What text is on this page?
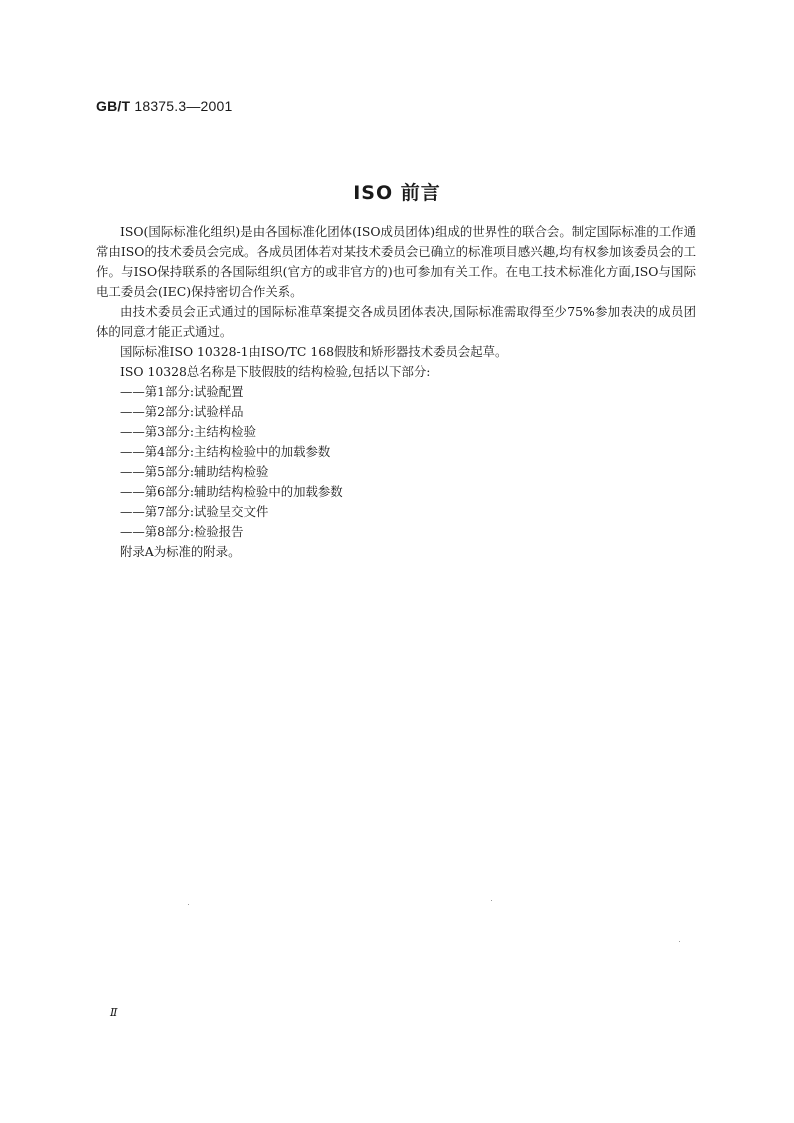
GB/T 18375.3—2001
ISO 前言

ISO(国际标准化组织)是由各国标准化团体(ISO成员团体)组成的世界性的联合会。制定国际标准的工作通常由ISO的技术委员会完成。各成员团体若对某技术委员会已确立的标准项目感兴趣,均有权参加该委员会的工作。与ISO保持联系的各国际组织(官方的或非官方的)也可参加有关工作。在电工技术标准化方面,ISO与国际电工委员会(IEC)保持密切合作关系。

由技术委员会正式通过的国际标准草案提交各成员团体表决,国际标准需取得至少75%参加表决的成员团体的同意才能正式通过。

国际标准ISO 10328-1由ISO/TC 168假肢和矫形器技术委员会起草。

ISO 10328总名称是下肢假肢的结构检验,包括以下部分:

——第1部分:试验配置

——第2部分:试验样品

——第3部分:主结构检验

——第4部分:主结构检验中的加载参数

——第5部分:辅助结构检验

——第6部分:辅助结构检验中的加载参数

——第7部分:试验呈交文件

——第8部分:检验报告

附录A为标准的附录。

Ⅱ
